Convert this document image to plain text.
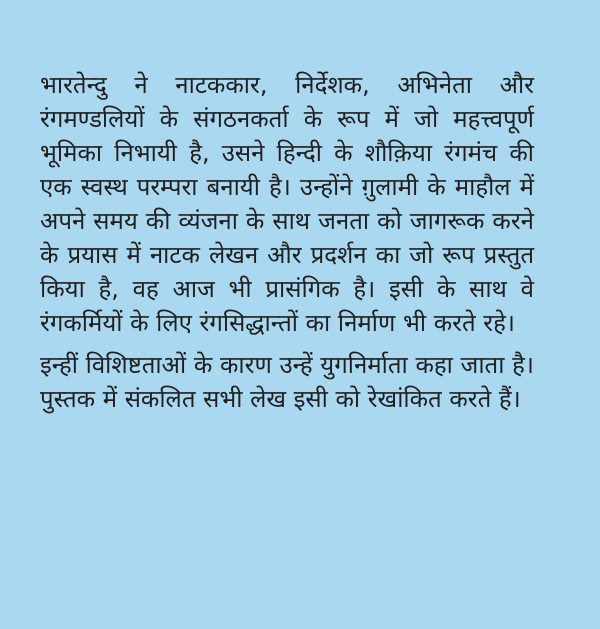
भारतेन्दु ने नाटककार, निर्देशक, अभिनेता और रंगमण्डलियों के संगठनकर्ता के रूप में जो महत्त्वपूर्ण भूमिका निभायी है, उसने हिन्दी के शौक़िया रंगमंच की एक स्वस्थ परम्परा बनायी है। उन्होंने ग़ुलामी के माहौल में अपने समय की व्यंजना के साथ जनता को जागरूक करने के प्रयास में नाटक लेखन और प्रदर्शन का जो रूप प्रस्तुत किया है, वह आज भी प्रासंगिक है। इसी के साथ वे रंगकर्मियों के लिए रंगसिद्धान्तों का निर्माण भी करते रहे।

इन्हीं विशिष्टताओं के कारण उन्हें युगनिर्माता कहा जाता है। पुस्तक में संकलित सभी लेख इसी को रेखांकित करते हैं।
